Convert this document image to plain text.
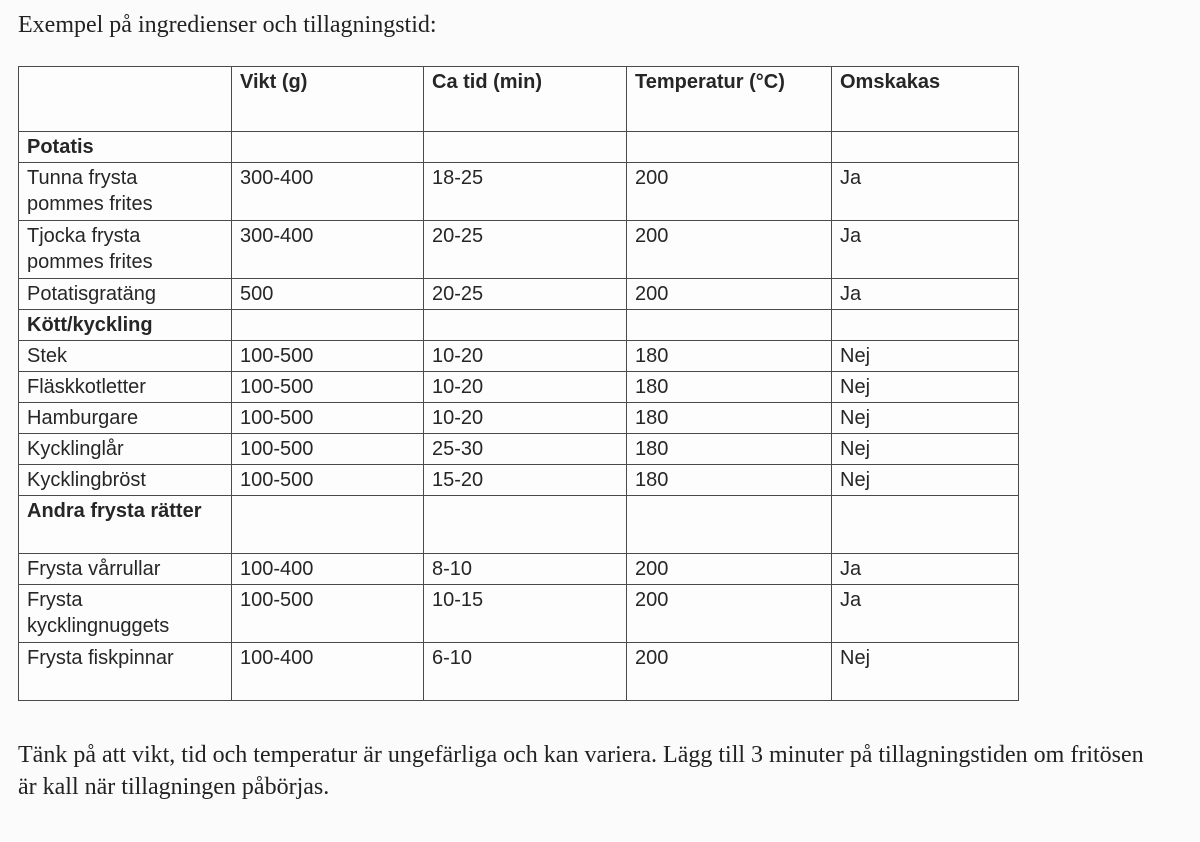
Exempel på ingredienser och tillagningstid:

	Vikt (g)	Ca tid (min)	Temperatur (°C)	Omskakas
Potatis				
Tunna frysta pommes frites	300-400	18-25	200	Ja
Tjocka frysta pommes frites	300-400	20-25	200	Ja
Potatisgratäng	500	20-25	200	Ja
Kött/kyckling				
Stek	100-500	10-20	180	Nej
Fläskkotletter	100-500	10-20	180	Nej
Hamburgare	100-500	10-20	180	Nej
Kycklinglår	100-500	25-30	180	Nej
Kycklingbröst	100-500	15-20	180	Nej
Andra frysta rätter				
Frysta vårrullar	100-400	8-10	200	Ja
Frysta kycklingnuggets	100-500	10-15	200	Ja
Frysta fiskpinnar	100-400	6-10	200	Nej

Tänk på att vikt, tid och temperatur är ungefärliga och kan variera. Lägg till 3 minuter på tillagningstiden om fritösen är kall när tillagningen påbörjas.
